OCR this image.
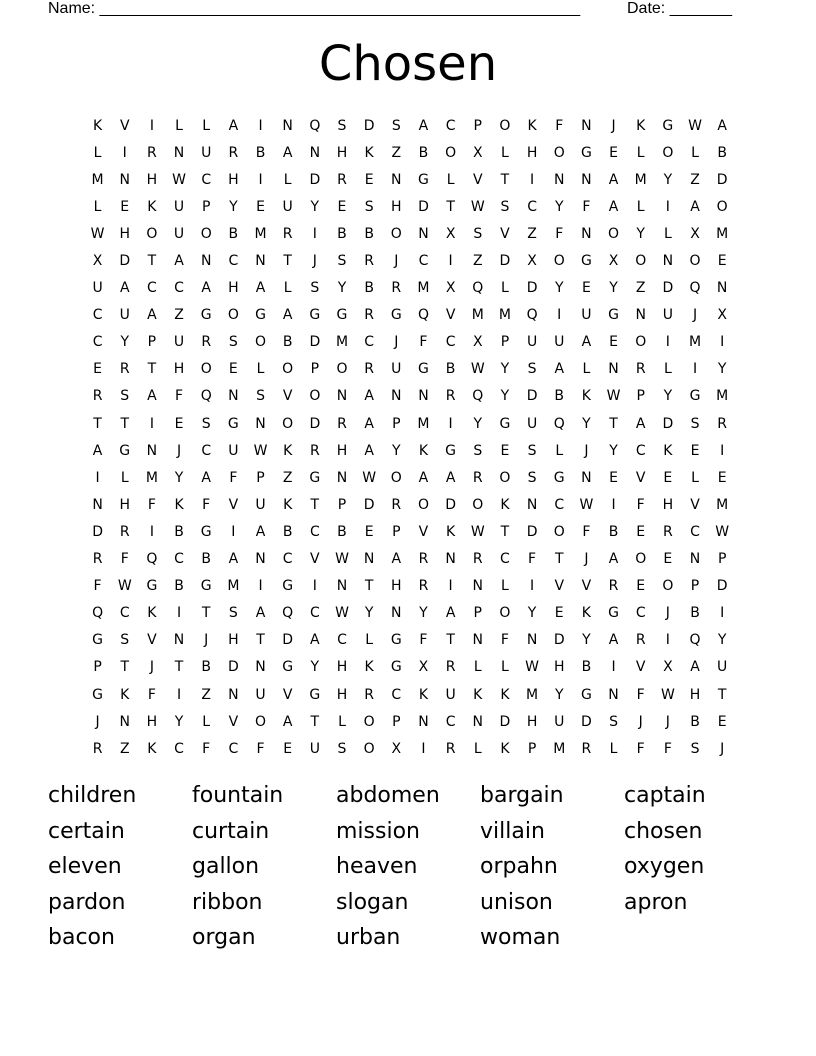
Name: ______________________________________________________	Date: _______
Chosen
K	V	I	L	L	A	I	N	Q	S	D	S	A	C	P	O	K	F	N	J	K	G	W	A
L	I	R	N	U	R	B	A	N	H	K	Z	B	O	X	L	H	O	G	E	L	O	L	B
M	N	H	W	C	H	I	L	D	R	E	N	G	L	V	T	I	N	N	A	M	Y	Z	D
L	E	K	U	P	Y	E	U	Y	E	S	H	D	T	W	S	C	Y	F	A	L	I	A	O
W	H	O	U	O	B	M	R	I	B	B	O	N	X	S	V	Z	F	N	O	Y	L	X	M
X	D	T	A	N	C	N	T	J	S	R	J	C	I	Z	D	X	O	G	X	O	N	O	E
U	A	C	C	A	H	A	L	S	Y	B	R	M	X	Q	L	D	Y	E	Y	Z	D	Q	N
C	U	A	Z	G	O	G	A	G	G	R	G	Q	V	M	M	Q	I	U	G	N	U	J	X
C	Y	P	U	R	S	O	B	D	M	C	J	F	C	X	P	U	U	A	E	O	I	M	I
E	R	T	H	O	E	L	O	P	O	R	U	G	B	W	Y	S	A	L	N	R	L	I	Y
R	S	A	F	Q	N	S	V	O	N	A	N	N	R	Q	Y	D	B	K	W	P	Y	G	M
T	T	I	E	S	G	N	O	D	R	A	P	M	I	Y	G	U	Q	Y	T	A	D	S	R
A	G	N	J	C	U	W	K	R	H	A	Y	K	G	S	E	S	L	J	Y	C	K	E	I
I	L	M	Y	A	F	P	Z	G	N	W	O	A	A	R	O	S	G	N	E	V	E	L	E
N	H	F	K	F	V	U	K	T	P	D	R	O	D	O	K	N	C	W	I	F	H	V	M
D	R	I	B	G	I	A	B	C	B	E	P	V	K	W	T	D	O	F	B	E	R	C	W
R	F	Q	C	B	A	N	C	V	W	N	A	R	N	R	C	F	T	J	A	O	E	N	P
F	W	G	B	G	M	I	G	I	N	T	H	R	I	N	L	I	V	V	R	E	O	P	D
Q	C	K	I	T	S	A	Q	C	W	Y	N	Y	A	P	O	Y	E	K	G	C	J	B	I
G	S	V	N	J	H	T	D	A	C	L	G	F	T	N	F	N	D	Y	A	R	I	Q	Y
P	T	J	T	B	D	N	G	Y	H	K	G	X	R	L	L	W	H	B	I	V	X	A	U
G	K	F	I	Z	N	U	V	G	H	R	C	K	U	K	K	M	Y	G	N	F	W	H	T
J	N	H	Y	L	V	O	A	T	L	O	P	N	C	N	D	H	U	D	S	J	J	B	E
R	Z	K	C	F	C	F	E	U	S	O	X	I	R	L	K	P	M	R	L	F	F	S	J
children	fountain	abdomen	bargain	captain
certain	curtain	mission	villain	chosen
eleven	gallon	heaven	orpahn	oxygen
pardon	ribbon	slogan	unison	apron
bacon	organ	urban	woman
